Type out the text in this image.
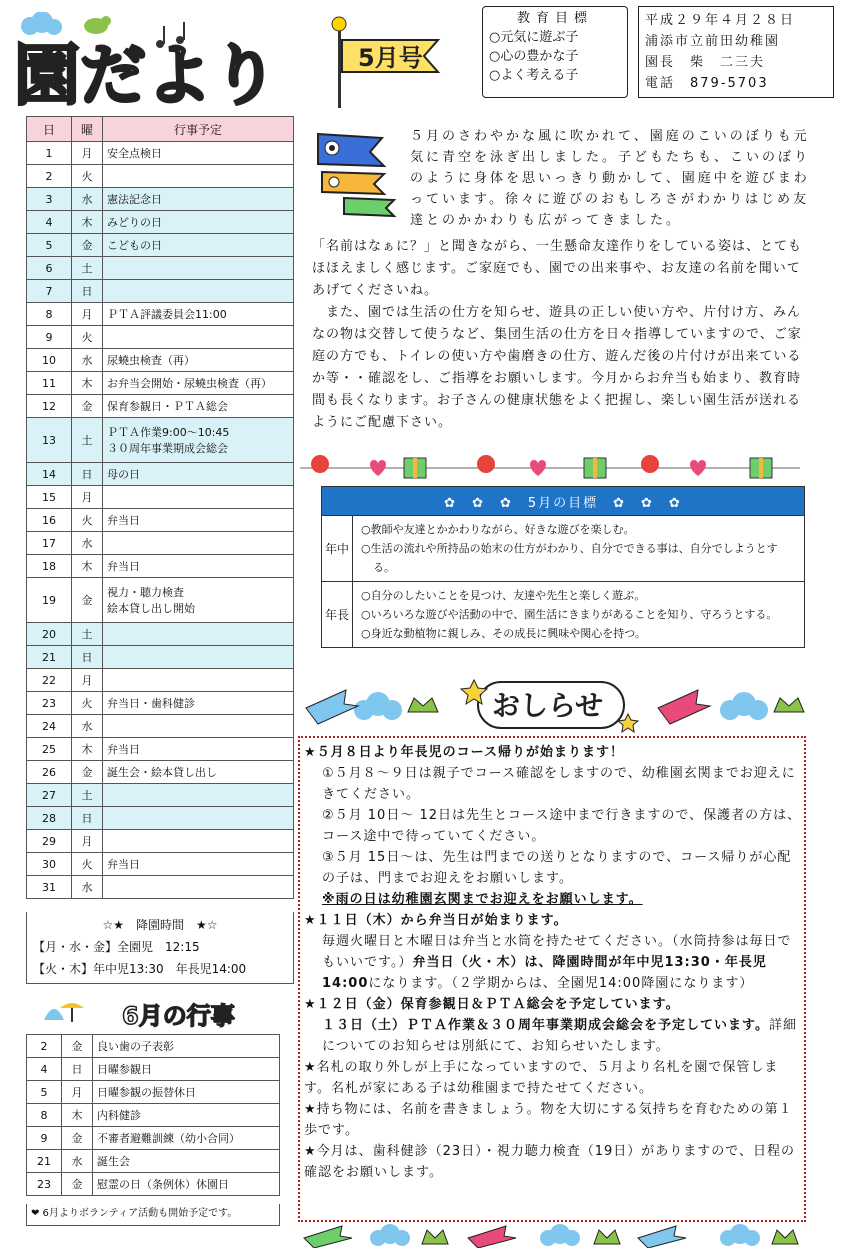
園だより	5月号
教育目標
○元気に遊ぶ子
○心の豊かな子
○よく考える子
平成２９年４月２８日
浦添市立前田幼稚園
園長　柴　二三夫
電話　879-5703
日	曜	行事予定
1	月	安全点検日

2	火	

3	水	憲法記念日

4	木	みどりの日

5	金	こどもの日

6	土	

7	日	

8	月	ＰＴＡ評議委員会11:00

9	火	

10	水	尿蟯虫検査（再）

11	木	お弁当会開始・尿蟯虫検査（再）

12	金	保育参観日・ＰＴＡ総会

13	土	ＰＴＡ作業9:00～10:45
３０周年事業期成会総会

14	日	母の日

15	月	

16	火	弁当日

17	水	

18	木	弁当日

19	金	視力・聴力検査
絵本貸し出し開始

20	土	

21	日	

22	月	

23	火	弁当日・歯科健診

24	水	

25	木	弁当日

26	金	誕生会・絵本貸し出し

27	土	

28	日	

29	月	

30	火	弁当日

31	水	
☆★　降園時間　★☆
【月・水・金】全園児　12:15
【火・木】年中児13:30　年長児14:00
6月の行事
2	金	良い歯の子表彰
4	日	日曜参観日
5	月	日曜参観の振替休日
8	木	内科健診
9	金	不審者避難訓練（幼小合同）
21	水	誕生会
23	金	慰霊の日（条例休）休園日
❤ 6月よりボランティア活動も開始予定です。
５月のさわやかな風に吹かれて、園庭のこいのぼりも元気に青空を泳ぎ出しました。子どもたちも、こいのぼりのように身体を思いっきり動かして、園庭中を遊びまわっています。徐々に遊びのおもしろさがわかりはじめ友達とのかかわりも広がってきました。

「名前はなぁに？」と聞きながら、一生懸命友達作りをしている姿は、とてもほほえましく感じます。ご家庭でも、園での出来事や、お友達の名前を聞いてあげてくださいね。

　また、園では生活の仕方を知らせ、遊具の正しい使い方や、片付け方、みんなの物は交替して使うなど、集団生活の仕方を日々指導していますので、ご家庭の方でも、トイレの使い方や歯磨きの仕方、遊んだ後の片付けが出来ているか等・・確認をし、ご指導をお願いします。今月からお弁当も始まり、教育時間も長くなります。お子さんの健康状態をよく把握し、楽しい園生活が送れるようにご配慮下さい。

✿　✿　✿　5月の目標　✿　✿　✿	
年中	○教師や友達とかかわりながら、好きな遊びを楽しむ。
○生活の流れや所持品の始末の仕方がわかり、自分でできる事は、自分でしようとする。

年長	○自分のしたいことを見つけ、友達や先生と楽しく遊ぶ。
○いろいろな遊びや活動の中で、園生活にきまりがあることを知り、守ろうとする。
○身近な動植物に親しみ、その成長に興味や関心を持つ。
おしらせ
★５月８日より年長児のコース帰りが始まります！
①５月８～９日は親子でコース確認をしますので、幼稚園玄関までお迎えにきてください。
②５月 10日～ 12日は先生とコース途中まで行きますので、保護者の方は、コース途中で待っていてください。
③５月 15日～は、先生は門までの送りとなりますので、コース帰りが心配の子は、門までお迎えをお願いします。
※雨の日は幼稚園玄関までお迎えをお願いします。
★１１日（木）から弁当日が始まります。
毎週火曜日と木曜日は弁当と水筒を持たせてください。（水筒持参は毎日でもいいです。）弁当日（火・木）は、降園時間が年中児13:30・年長児14:00になります。（２学期からは、全園児14:00降園になります）
★１２日（金）保育参観日＆ＰＴＡ総会を予定しています。
１３日（土）ＰＴＡ作業＆３０周年事業期成会総会を予定しています。詳細についてのお知らせは別紙にて、お知らせいたします。
★名札の取り外しが上手になっていますので、５月より名札を園で保管します。名札が家にある子は幼稚園まで持たせてください。
★持ち物には、名前を書きましょう。物を大切にする気持ちを育むための第１歩です。
★今月は、歯科健診（23日）・視力聴力検査（19日）がありますので、日程の確認をお願いします。
